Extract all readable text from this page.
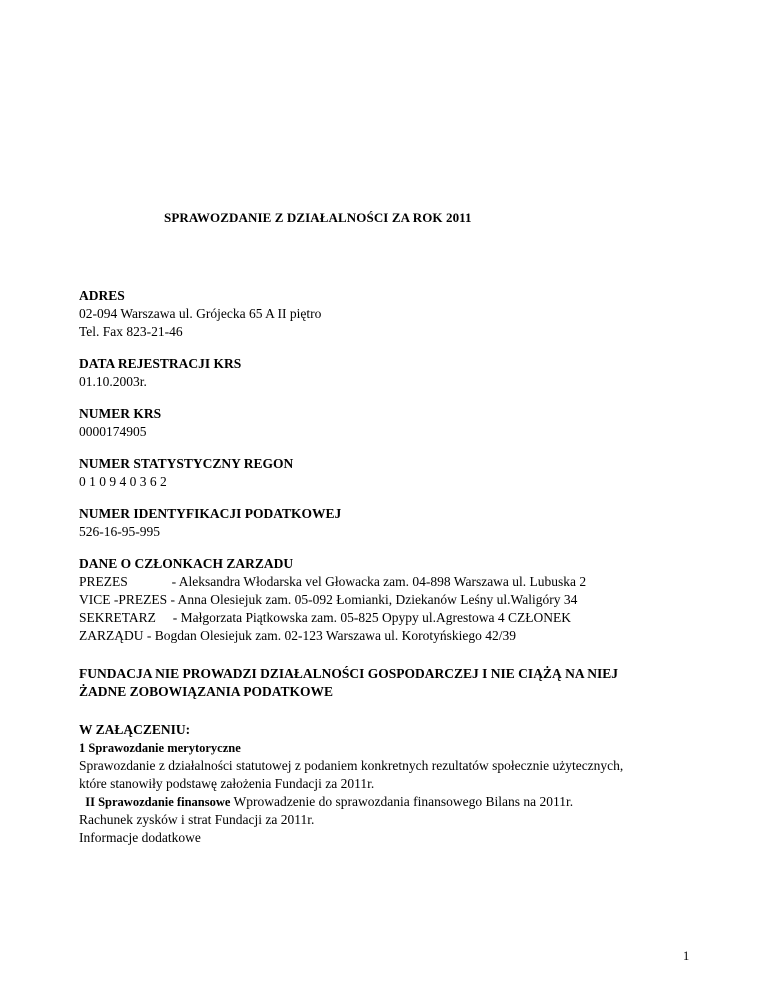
SPRAWOZDANIE Z DZIAŁALNOŚCI ZA ROK 2011
ADRES
02-094 Warszawa ul. Grójecka 65 A II piętro
Tel. Fax 823-21-46
DATA REJESTRACJI KRS
01.10.2003r.
NUMER KRS
0000174905
NUMER STATYSTYCZNY REGON
0 1 0 9 4 0 3 6 2
NUMER IDENTYFIKACJI PODATKOWEJ
526-16-95-995
DANE O CZŁONKACH ZARZADU
PREZES             - Aleksandra Włodarska vel Głowacka zam. 04-898 Warszawa ul. Lubuska 2
VICE -PREZES - Anna Olesiejuk zam. 05-092 Łomianki, Dziekanów Leśny ul.Waligóry 34
SEKRETARZ     - Małgorzata Piątkowska zam. 05-825 Opypy ul.Agrestowa 4 CZŁONEK
ZARZĄDU - Bogdan Olesiejuk zam. 02-123 Warszawa ul. Korotyńskiego 42/39
FUNDACJA NIE PROWADZI DZIAŁALNOŚCI GOSPODARCZEJ I NIE CIĄŻĄ NA NIEJ
ŻADNE ZOBOWIĄZANIA PODATKOWE
W ZAŁĄCZENIU:
1 Sprawozdanie merytoryczne
Sprawozdanie z działalności statutowej z podaniem konkretnych rezultatów społecznie użytecznych,
które stanowiły podstawę założenia Fundacji za 2011r.
II Sprawozdanie finansowe Wprowadzenie do sprawozdania finansowego Bilans na 2011r.
Rachunek zysków i strat Fundacji za 2011r.
Informacje dodatkowe
1
